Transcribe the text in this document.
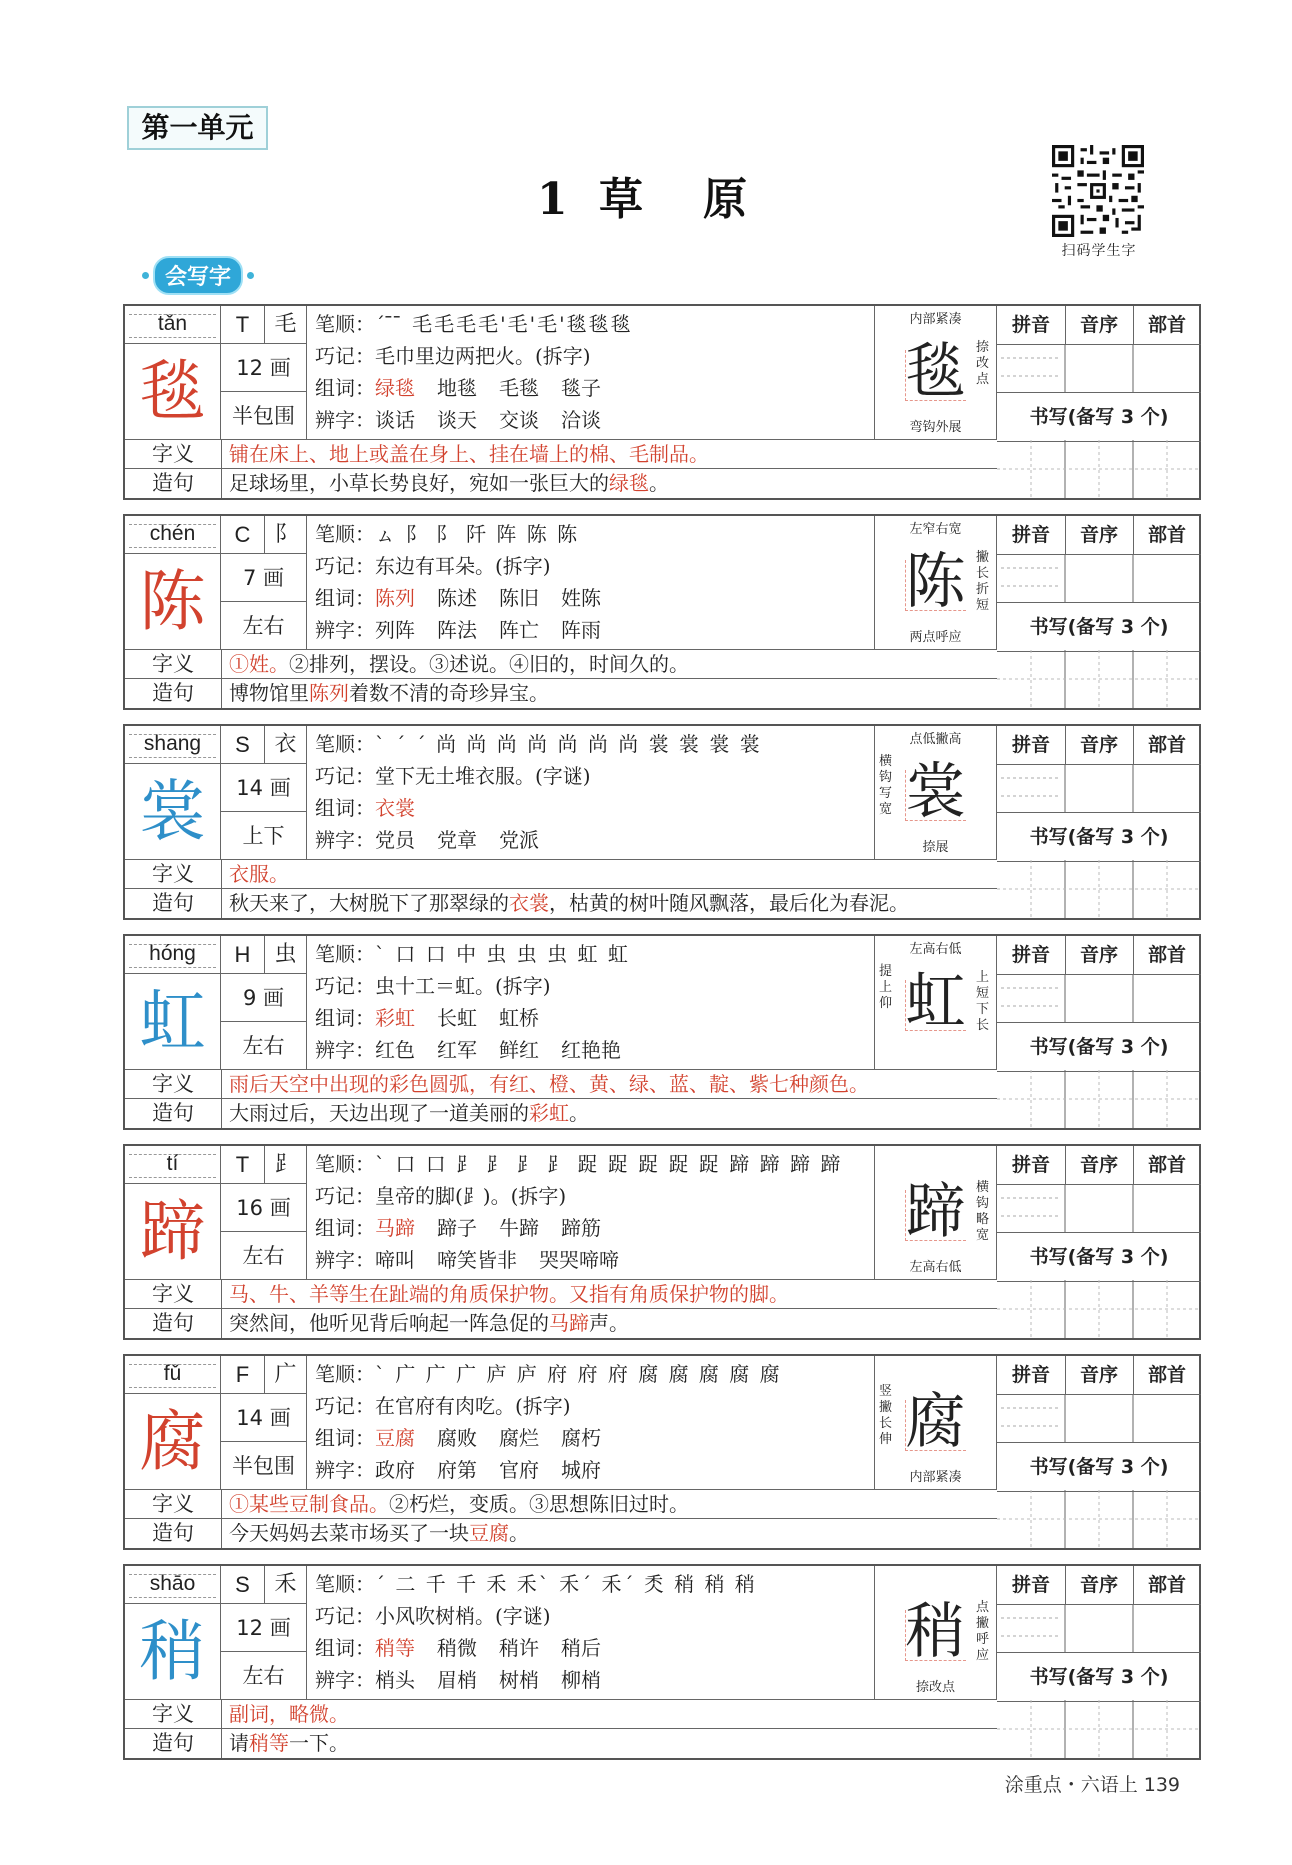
第一单元
1 草　原
扫码学生字
会写字
tǎn	T	毛
毯	12 画
半包围
笔顺：ˊ ̄ ̄ 毛毛毛毛'毛'毛'毯毯毯
巧记：毛巾里边两把火。(拆字)
组词：绿毯 地毯 毛毯 毯子
辨字：谈话 谈天 交谈 洽谈
内部紧凑
毯 捺改点
弯钩外展
拼音	音序	部首
书写(备写 3 个)
字义	铺在床上、地上或盖在身上、挂在墙上的棉、毛制品。
造句	足球场里，小草长势良好，宛如一张巨大的绿毯。
chén	C	阝
陈	7 画
左右
笔顺：ㇺ 阝 阝 阡 阵 陈 陈
巧记：东边有耳朵。(拆字)
组词：陈列 陈述 陈旧 姓陈
辨字：列阵 阵法 阵亡 阵雨
左窄右宽
陈 撇长折短
两点呼应
拼音	音序	部首
书写(备写 3 个)
字义	①姓。②排列，摆设。③述说。④旧的，时间久的。
造句	博物馆里陈列着数不清的奇珍异宝。
shang	S	衣
裳	14 画
上下
笔顺：ˋ ˊ ˊ 尚 尚 尚 尚 尚 尚 尚 裳 裳 裳 裳
巧记：堂下无土堆衣服。(字谜)
组词：衣裳
辨字：党员 党章 党派
点低撇高
横钩写宽 裳
捺展
拼音	音序	部首
书写(备写 3 个)
字义	衣服。
造句	秋天来了，大树脱下了那翠绿的衣裳，枯黄的树叶随风飘落，最后化为春泥。
hóng	H	虫
虹	9 画
左右
笔顺：ˋ 口 口 中 虫 虫 虫 虹 虹
巧记：虫十工＝虹。(拆字)
组词：彩虹 长虹 虹桥
辨字：红色 红军 鲜红 红艳艳
左高右低
提上仰 虹 上短下长
拼音	音序	部首
书写(备写 3 个)
字义	雨后天空中出现的彩色圆弧，有红、橙、黄、绿、蓝、靛、紫七种颜色。
造句	大雨过后，天边出现了一道美丽的彩虹。
tí	T	⻊
蹄	16 画
左右
笔顺：ˋ 口 口 ⻊ ⻊ ⻊ ⻊ 踀 踀 踀 踀 踀 蹄 蹄 蹄 蹄
巧记：皇帝的脚(⻊)。(拆字)
组词：马蹄 蹄子 牛蹄 蹄筋
辨字：啼叫 啼笑皆非 哭哭啼啼
蹄 横钩略宽
左高右低
拼音	音序	部首
书写(备写 3 个)
字义	马、牛、羊等生在趾端的角质保护物。又指有角质保护物的脚。
造句	突然间，他听见背后响起一阵急促的马蹄声。
fǔ	F	广
腐	14 画
半包围
笔顺：ˋ 广 广 广 庐 庐 府 府 府 腐 腐 腐 腐 腐
巧记：在官府有肉吃。(拆字)
组词：豆腐 腐败 腐烂 腐朽
辨字：政府 府第 官府 城府
竖撇长伸 腐
内部紧凑
拼音	音序	部首
书写(备写 3 个)
字义	①某些豆制食品。②朽烂，变质。③思想陈旧过时。
造句	今天妈妈去菜市场买了一块豆腐。
shāo	S	禾
稍	12 画
左右
笔顺：ˊ 二 千 千 禾 禾ˋ 禾ˊ 禾ˊ 秂 稍 稍 稍
巧记：小风吹树梢。(字谜)
组词：稍等 稍微 稍许 稍后
辨字：梢头 眉梢 树梢 柳梢
稍 点撇呼应
捺改点
拼音	音序	部首
书写(备写 3 个)
字义	副词，略微。
造句	请稍等一下。
涂重点・六语上 139
